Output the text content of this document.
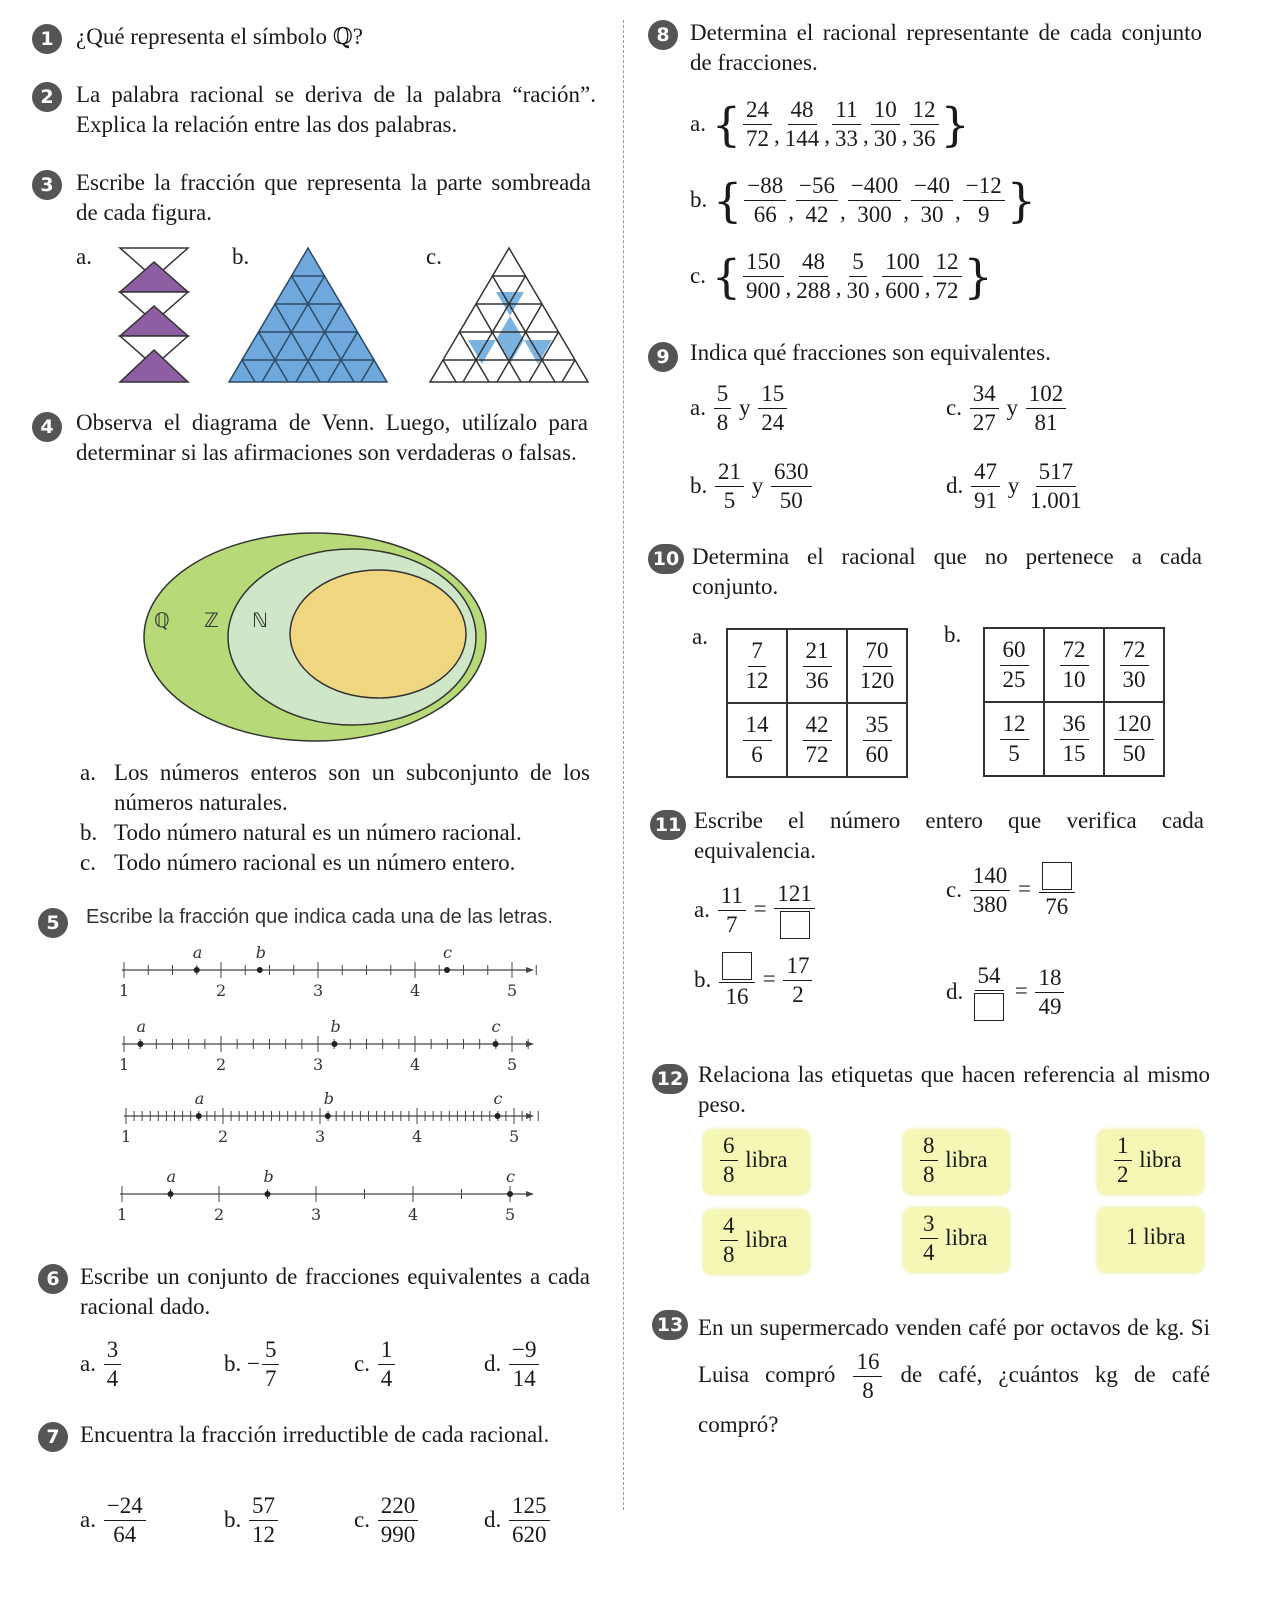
1 ¿Qué representa el símbolo ℚ?
2 La palabra racional se deriva de la palabra “ración”. Explica la relación entre las dos palabras.
3 Escribe la fracción que representa la parte sombreada de cada figura.
a.	b.	c.
4 Observa el diagrama de Venn. Luego, utilízalo para determinar si las afirmaciones son verdaderas o falsas.
ℚ ℤ ℕ
a. Los números enteros son un subconjunto de los números naturales.
b. Todo número natural es un número racional.
c. Todo número racional es un número entero.
5	Escribe la fracción que indica cada una de las letras.
1	2	3	4	5
a	b	c
1	2	3	4	5
a	b	c
1	2	3	4	5
a	b	c
1	2	3	4	5
a	b	c
6 Escribe un conjunto de fracciones equivalentes a cada racional dado.
a. $\frac{3}{4}$	b. − $\frac{5}{7}$	c. $\frac{1}{4}$	d. $\frac{-9}{14}$
7 Encuentra la fracción irreductible de cada racional.
a. $\frac{-24}{64}$	b. $\frac{57}{12}$	c. $\frac{220}{990}$	d. $\frac{125}{620}$
8 Determina el racional representante de cada conjunto de fracciones.
a. { $\frac{24}{72}$ , $\frac{48}{144}$ , $\frac{11}{33}$ , $\frac{10}{30}$ , $\frac{12}{36}$ }
b. { $\frac{-88}{66}$ , $\frac{-56}{42}$ , $\frac{-400}{300}$ , $\frac{-40}{30}$ , $\frac{-12}{9}$ }
c. { $\frac{150}{900}$ , $\frac{48}{288}$ , $\frac{5}{30}$ , $\frac{100}{600}$ , $\frac{12}{72}$ }
9 Indica qué fracciones son equivalentes.
a. $\frac{5}{8}$ y $\frac{15}{24}$
b. $\frac{21}{5}$ y $\frac{630}{50}$
c. $\frac{34}{27}$ y $\frac{102}{81}$
d. $\frac{47}{91}$ y $\frac{517}{1.001}$
10 Determina el racional que no pertenece a cada conjunto.
a.
$\frac{7}{12}$	$\frac{21}{36}$	$\frac{70}{120}$

$\frac{14}{6}$	$\frac{42}{72}$	$\frac{35}{60}$
b.
$\frac{60}{25}$	$\frac{72}{10}$	$\frac{72}{30}$

$\frac{12}{5}$	$\frac{36}{15}$	$\frac{120}{50}$
11 Escribe el número entero que verifica cada equivalencia.
a. $\frac{11}{7}$ =
121
b.
16
= $\frac{17}{2}$
c. $\frac{140}{380}$ =
76
d.
54
= $\frac{18}{49}$
12 Relaciona las etiquetas que hacen referencia al mismo peso.
$\frac{6}{8}$ libra	$\frac{8}{8}$ libra	$\frac{1}{2}$ libra
$\frac{4}{8}$ libra	$\frac{3}{4}$ libra	1 libra
13 En un supermercado venden café por octavos de kg. Si Luisa compró $\frac{16}{8}$ de café, ¿cuántos kg de café compró?
